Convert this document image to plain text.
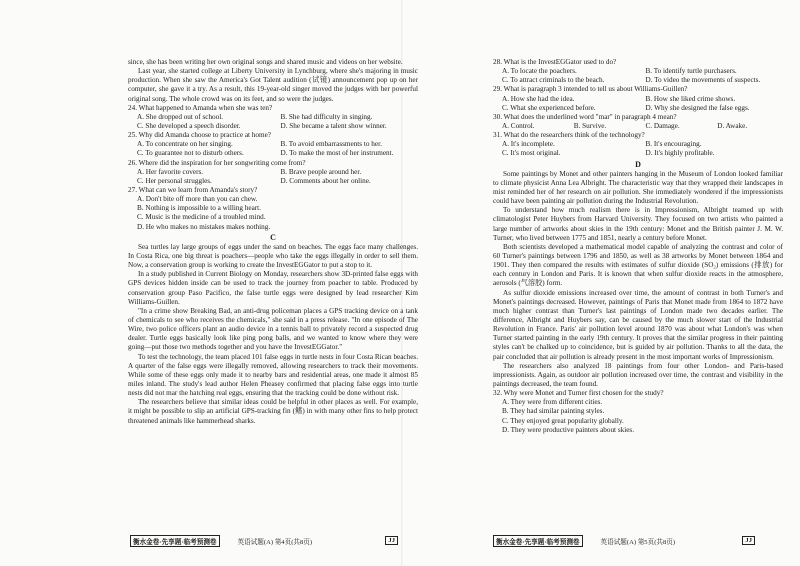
since, she has been writing her own original songs and shared music and videos on her website.

Last year, she started college at Liberty University in Lynchburg, where she's majoring in music production. When she saw the America's Got Talent audition (试镜) announcement pop up on her computer, she gave it a try. As a result, this 19-year-old singer moved the judges with her powerful original song. The whole crowd was on its feet, and so were the judges.

24. What happened to Amanda when she was ten?

A. She dropped out of school.	B. She had difficulty in singing.
C. She developed a speech disorder.	D. She became a talent show winner.

25. Why did Amanda choose to practice at home?

A. To concentrate on her singing.	B. To avoid embarrassments to her.
C. To guarantee not to disturb others.	D. To make the most of her instrument.

26. Where did the inspiration for her songwriting come from?

A. Her favorite covers.	B. Brave people around her.
C. Her personal struggles.	D. Comments about her online.

27. What can we learn from Amanda's story?

A. Don't bite off more than you can chew.
B. Nothing is impossible to a willing heart.
C. Music is the medicine of a troubled mind.
D. He who makes no mistakes makes nothing.

C

Sea turtles lay large groups of eggs under the sand on beaches. The eggs face many challenges. In Costa Rica, one big threat is poachers—people who take the eggs illegally in order to sell them. Now, a conservation group is working to create the InvestEGGator to put a stop to it.

In a study published in Current Biology on Monday, researchers show 3D-printed false eggs with GPS devices hidden inside can be used to track the journey from poacher to table. Produced by conservation group Paso Pacifico, the false turtle eggs were designed by lead researcher Kim Williams-Guillen.

"In a crime show Breaking Bad, an anti-drug policeman places a GPS tracking device on a tank of chemicals to see who receives the chemicals," she said in a press release. "In one episode of The Wire, two police officers plant an audio device in a tennis ball to privately record a suspected drug dealer. Turtle eggs basically look like ping pong balls, and we wanted to know where they were going—put those two methods together and you have the InvestEGGator."

To test the technology, the team placed 101 false eggs in turtle nests in four Costa Rican beaches. A quarter of the false eggs were illegally removed, allowing researchers to track their movements. While some of these eggs only made it to nearby bars and residential areas, one made it almost 85 miles inland. The study's lead author Helen Pheasey confirmed that placing false eggs into turtle nests did not mar the hatching real eggs, ensuring that the tracking could be done without risk.

The researchers believe that similar ideas could be helpful in other places as well. For example, it might be possible to slip an artificial GPS-tracking fin (鳍) in with many other fins to help protect threatened animals like hammerhead sharks.

28. What is the InvestEGGator used to do?

A. To locate the poachers.	B. To identify turtle purchasers.
C. To attract criminals to the beach.	D. To video the movements of suspects.

29. What is paragraph 3 intended to tell us about Williams-Guillen?

A. How she had the idea.	B. How she liked crime shows.
C. What she experienced before.	D. Why she designed the false eggs.

30. What does the underlined word "mar" in paragraph 4 mean?

A. Control.	B. Survive.	C. Damage.	D. Awake.

31. What do the researchers think of the technology?

A. It's incomplete.	B. It's encouraging.
C. It's most original.	D. It's highly profitable.

D

Some paintings by Monet and other painters hanging in the Museum of London looked familiar to climate physicist Anna Lea Albright. The characteristic way that they wrapped their landscapes in mist reminded her of her research on air pollution. She immediately wondered if the impressionists could have been painting air pollution during the Industrial Revolution.

To understand how much realism there is in Impressionism, Albright teamed up with climatologist Peter Huybers from Harvard University. They focused on two artists who painted a large number of artworks about skies in the 19th century: Monet and the British painter J. M. W. Turner, who lived between 1775 and 1851, nearly a century before Monet.

Both scientists developed a mathematical model capable of analyzing the contrast and color of 60 Turner's paintings between 1796 and 1850, as well as 38 artworks by Monet between 1864 and 1901. They then compared the results with estimates of sulfur dioxide (SO₂) emissions (排放) for each century in London and Paris. It is known that when sulfur dioxide reacts in the atmosphere, aerosols (气溶胶) form.

As sulfur dioxide emissions increased over time, the amount of contrast in both Turner's and Monet's paintings decreased. However, paintings of Paris that Monet made from 1864 to 1872 have much higher contrast than Turner's last paintings of London made two decades earlier. The difference, Albright and Huybers say, can be caused by the much slower start of the Industrial Revolution in France. Paris' air pollution level around 1870 was about what London's was when Turner started painting in the early 19th century. It proves that the similar progress in their painting styles can't be chalked up to coincidence, but is guided by air pollution. Thanks to all the data, the pair concluded that air pollution is already present in the most important works of Impressionism.

The researchers also analyzed 18 paintings from four other London- and Paris-based impressionists. Again, as outdoor air pollution increased over time, the contrast and visibility in the paintings decreased, the team found.

32. Why were Monet and Turner first chosen for the study?

A. They were from different cities.
B. They had similar painting styles.
C. They enjoyed great popularity globally.
D. They were productive painters about skies.
衡水金卷·先享题·临考预测卷	英语试题(A) 第4页(共8页)	JJ	衡水金卷·先享题·临考预测卷	英语试题(A) 第5页(共8页)	JJ
